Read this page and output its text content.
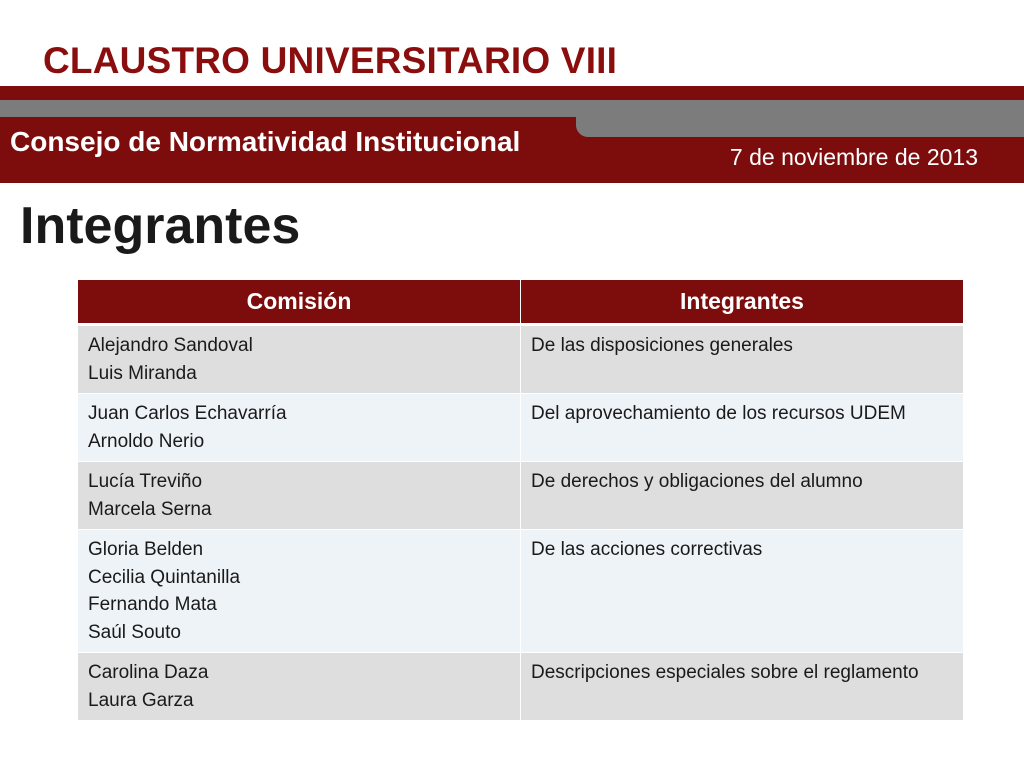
CLAUSTRO UNIVERSITARIO VIII
Consejo de Normatividad Institucional	7 de noviembre de 2013
Integrantes
Comisión	Integrantes

Alejandro Sandoval
Luis Miranda	De las disposiciones generales

Juan Carlos Echavarría
Arnoldo Nerio	Del aprovechamiento de los recursos UDEM

Lucía Treviño
Marcela Serna	De derechos y obligaciones del alumno

Gloria Belden
Cecilia Quintanilla
Fernando Mata
Saúl Souto	De las acciones correctivas

Carolina Daza
Laura Garza	Descripciones especiales sobre el reglamento
